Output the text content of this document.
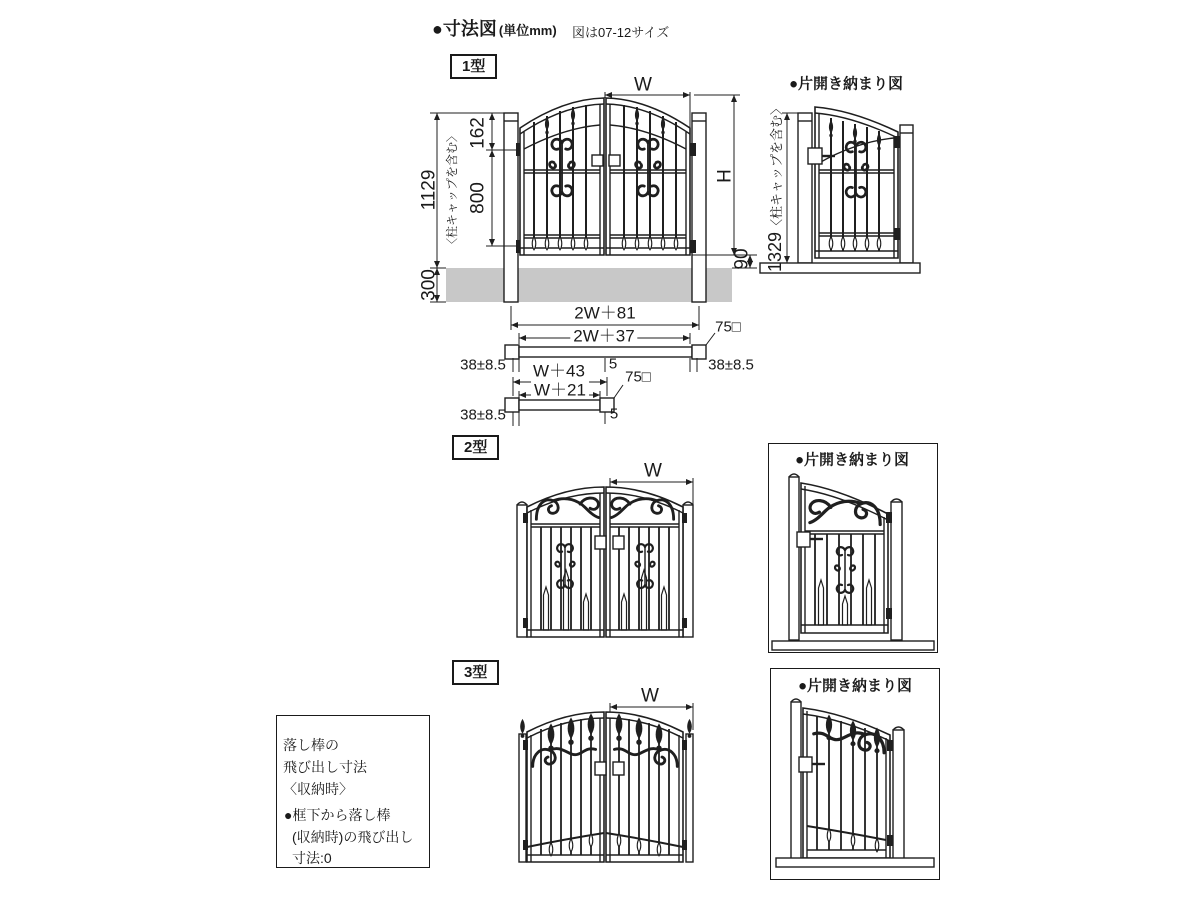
●寸法図 (単位mm) 図は07-12サイズ
1型
2型
3型
●片開き納まり図
●片開き納まり図
●片開き納まり図
W
H
90
1129 〈柱キャップを含む〉 162
800
300
2W＋81
2W＋37	75□
38±8.5	5	38±8.5
W＋43
W＋21
75□
38±8.5	5
1329〈柱キャップを含む〉
W
W
落し棒の
飛び出し寸法
〈収納時〉
●框下から落し棒
(収納時)の飛び出し
寸法:0
